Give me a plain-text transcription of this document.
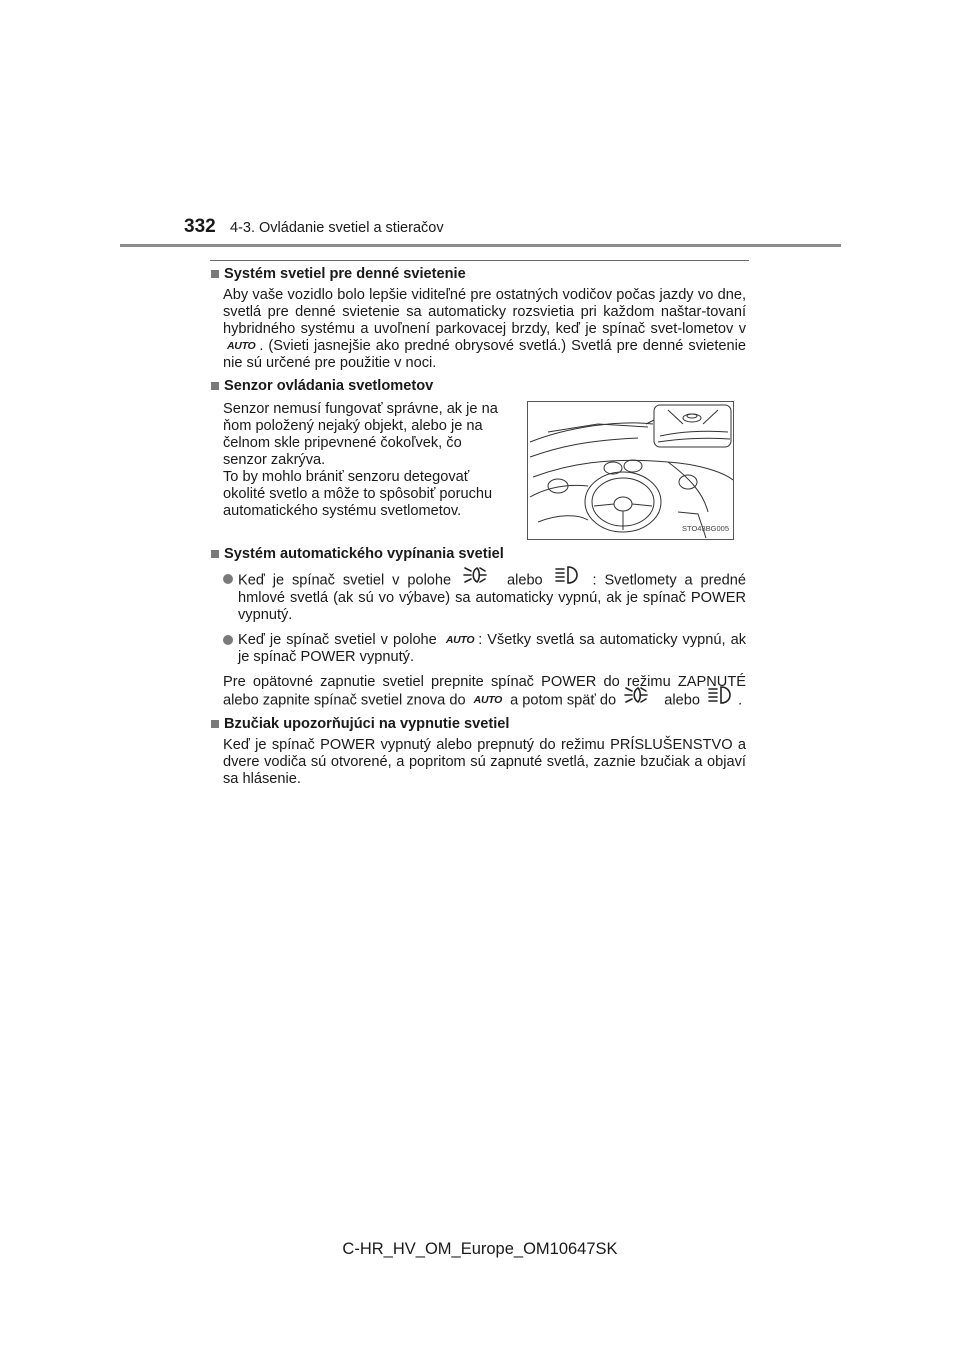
332 4-3. Ovládanie svetiel a stieračov

Systém svetiel pre denné svietenie

Aby vaše vozidlo bolo lepšie viditeľné pre ostatných vodičov počas jazdy vo dne, svetlá pre denné svietenie sa automaticky rozsvietia pri každom naštar-tovaní hybridného systému a uvoľnení parkovacej brzdy, keď je spínač svet-lometov v AUTO . (Svieti jasnejšie ako predné obrysové svetlá.) Svetlá pre denné svietenie nie sú určené pre použitie v noci.

Senzor ovládania svetlometov

Senzor nemusí fungovať správne, ak je na ňom položený nejaký objekt, alebo je na čelnom skle pripevnené čokoľvek, čo senzor zakrýva.

To by mohlo brániť senzoru detegovať okolité svetlo a môže to spôsobiť poruchu automatického systému svetlometov.

STO43BG005

Systém automatického vypínania svetiel

Keď je spínač svetiel v polohe	alebo	: Svetlomety a predné hmlové svetlá (ak sú vo výbave) sa automaticky vypnú, ak je spínač POWER vypnutý.
Keď je spínač svetiel v polohe AUTO : Všetky svetlá sa automaticky vypnú, ak je spínač POWER vypnutý.

Pre opätovné zapnutie svetiel prepnite spínač POWER do režimu ZAPNUTÉ alebo zapnite spínač svetiel znova do AUTO a potom späť do	alebo	.

Bzučiak upozorňujúci na vypnutie svetiel

Keď je spínač POWER vypnutý alebo prepnutý do režimu PRÍSLUŠENSTVO a dvere vodiča sú otvorené, a popritom sú zapnuté svetlá, zaznie bzučiak a objaví sa hlásenie.

C-HR_HV_OM_Europe_OM10647SK
